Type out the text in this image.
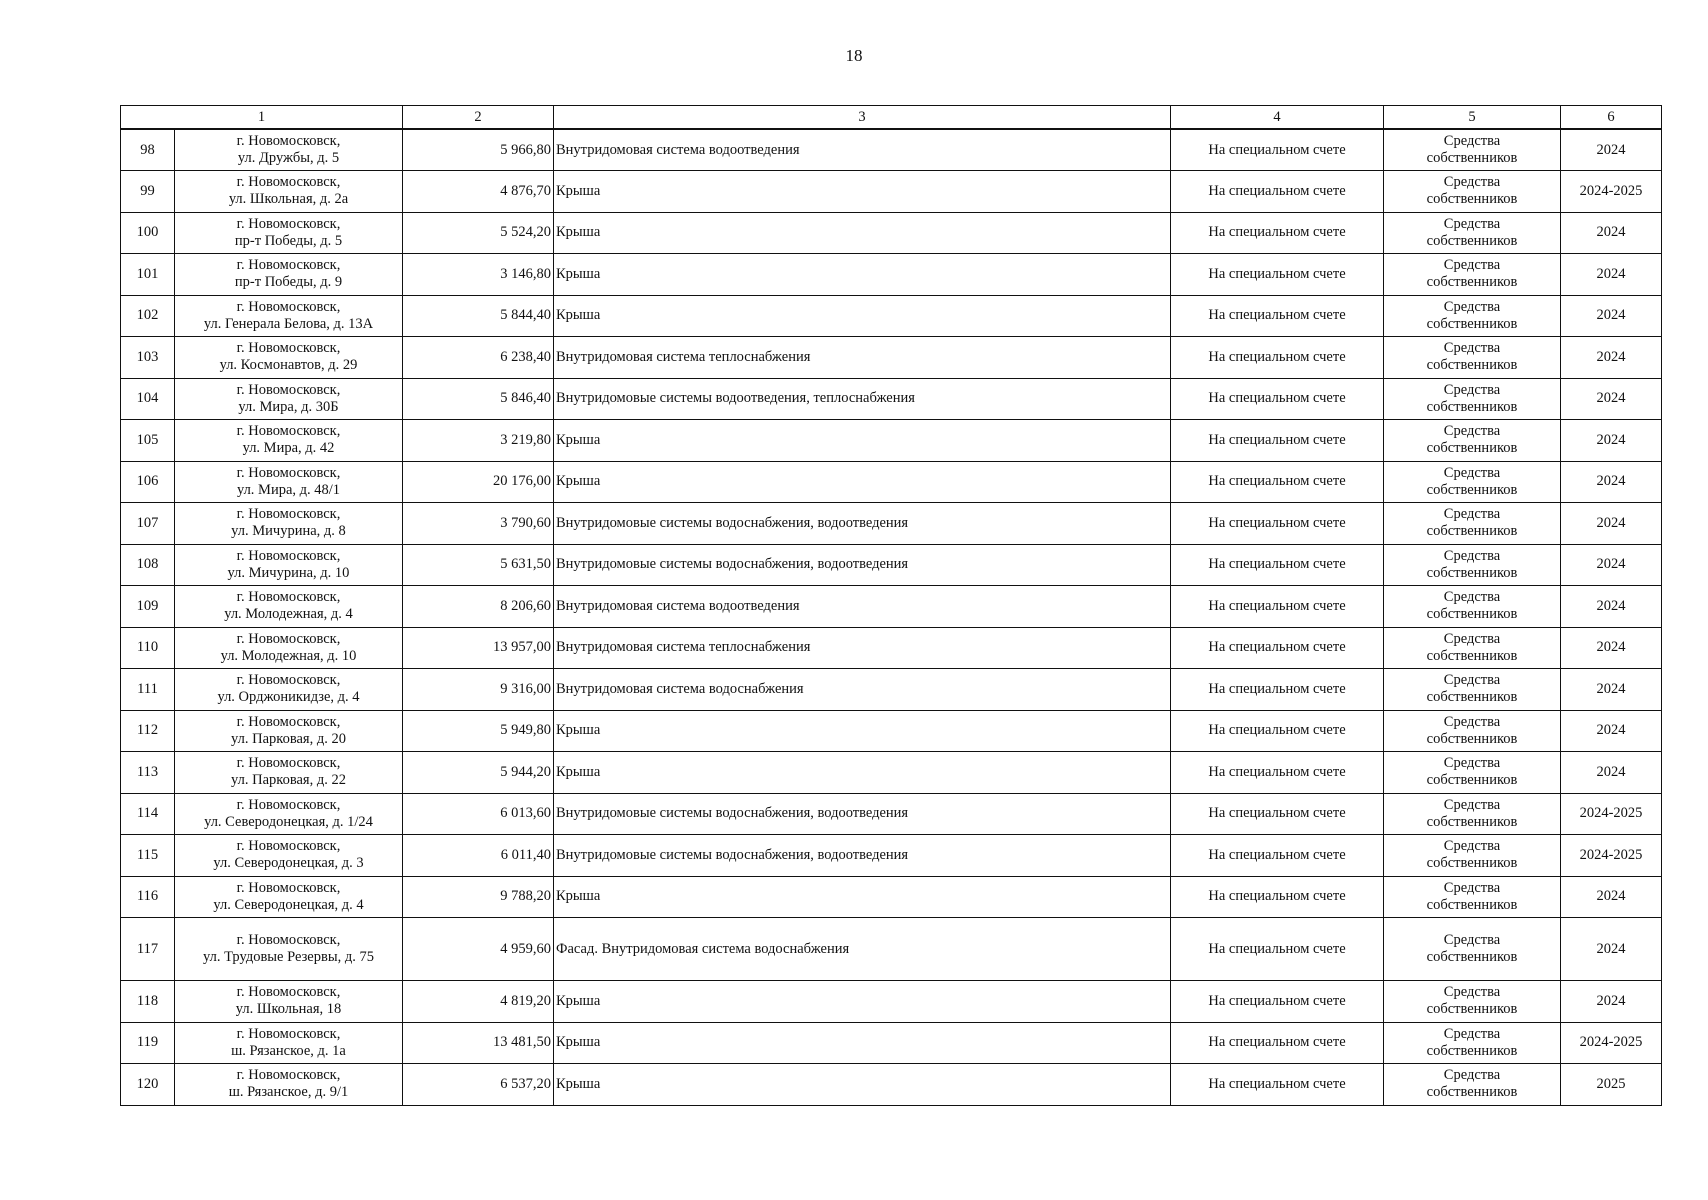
18
1		2	3	4	5	6
98	г. Новомосковск,
ул. Дружбы, д. 5	5 966,80	Внутридомовая система водоотведения	На специальном счете	Средства
собственников	2024
99	г. Новомосковск,
ул. Школьная, д. 2а	4 876,70	Крыша	На специальном счете	Средства
собственников	2024-2025
100	г. Новомосковск,
пр-т Победы, д. 5	5 524,20	Крыша	На специальном счете	Средства
собственников	2024
101	г. Новомосковск,
пр-т Победы, д. 9	3 146,80	Крыша	На специальном счете	Средства
собственников	2024
102	г. Новомосковск,
ул. Генерала Белова, д. 13А	5 844,40	Крыша	На специальном счете	Средства
собственников	2024
103	г. Новомосковск,
ул. Космонавтов, д. 29	6 238,40	Внутридомовая система теплоснабжения	На специальном счете	Средства
собственников	2024
104	г. Новомосковск,
ул. Мира, д. 30Б	5 846,40	Внутридомовые системы водоотведения, теплоснабжения	На специальном счете	Средства
собственников	2024
105	г. Новомосковск,
ул. Мира, д. 42	3 219,80	Крыша	На специальном счете	Средства
собственников	2024
106	г. Новомосковск,
ул. Мира, д. 48/1	20 176,00	Крыша	На специальном счете	Средства
собственников	2024
107	г. Новомосковск,
ул. Мичурина, д. 8	3 790,60	Внутридомовые системы водоснабжения, водоотведения	На специальном счете	Средства
собственников	2024
108	г. Новомосковск,
ул. Мичурина, д. 10	5 631,50	Внутридомовые системы водоснабжения, водоотведения	На специальном счете	Средства
собственников	2024
109	г. Новомосковск,
ул. Молодежная, д. 4	8 206,60	Внутридомовая система водоотведения	На специальном счете	Средства
собственников	2024
110	г. Новомосковск,
ул. Молодежная, д. 10	13 957,00	Внутридомовая система теплоснабжения	На специальном счете	Средства
собственников	2024
111	г. Новомосковск,
ул. Орджоникидзе, д. 4	9 316,00	Внутридомовая система водоснабжения	На специальном счете	Средства
собственников	2024
112	г. Новомосковск,
ул. Парковая, д. 20	5 949,80	Крыша	На специальном счете	Средства
собственников	2024
113	г. Новомосковск,
ул. Парковая, д. 22	5 944,20	Крыша	На специальном счете	Средства
собственников	2024
114	г. Новомосковск,
ул. Северодонецкая, д. 1/24	6 013,60	Внутридомовые системы водоснабжения, водоотведения	На специальном счете	Средства
собственников	2024-2025
115	г. Новомосковск,
ул. Северодонецкая, д. 3	6 011,40	Внутридомовые системы водоснабжения, водоотведения	На специальном счете	Средства
собственников	2024-2025
116	г. Новомосковск,
ул. Северодонецкая, д. 4	9 788,20	Крыша	На специальном счете	Средства
собственников	2024
117	г. Новомосковск,
ул. Трудовые Резервы, д. 75	4 959,60	Фасад. Внутридомовая система водоснабжения	На специальном счете	Средства
собственников	2024
118	г. Новомосковск,
ул. Школьная, 18	4 819,20	Крыша	На специальном счете	Средства
собственников	2024
119	г. Новомосковск,
ш. Рязанское, д. 1а	13 481,50	Крыша	На специальном счете	Средства
собственников	2024-2025
120	г. Новомосковск,
ш. Рязанское, д. 9/1	6 537,20	Крыша	На специальном счете	Средства
собственников	2025
